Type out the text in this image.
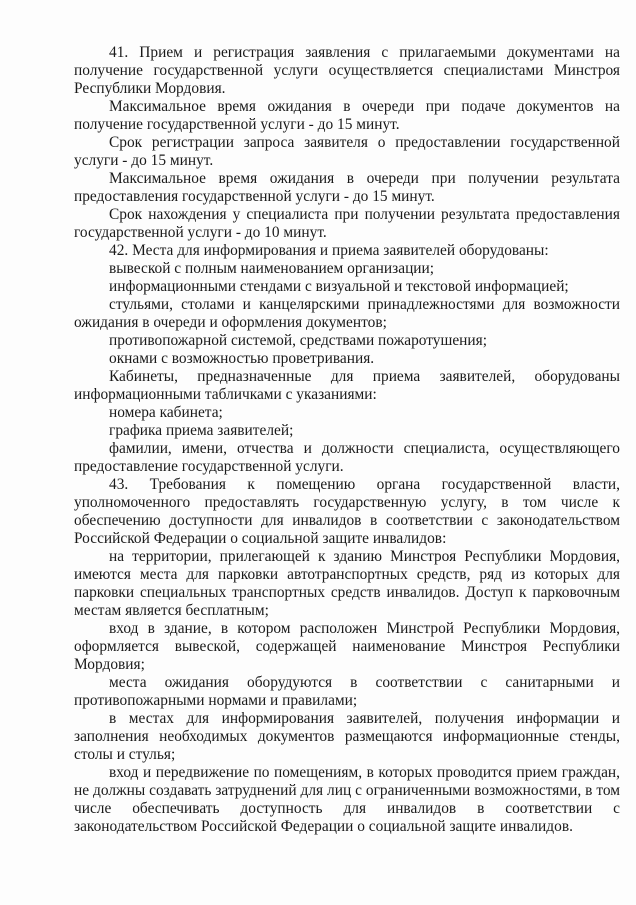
41. Прием и регистрация заявления с прилагаемыми документами на получение государственной услуги осуществляется специалистами Минстроя Республики Мордовия.

Максимальное время ожидания в очереди при подаче документов на получение государственной услуги - до 15 минут.

Срок регистрации запроса заявителя о предоставлении государственной услуги - до 15 минут.

Максимальное время ожидания в очереди при получении результата предоставления государственной услуги - до 15 минут.

Срок нахождения у специалиста при получении результата предоставления государственной услуги - до 10 минут.

42. Места для информирования и приема заявителей оборудованы:

вывеской с полным наименованием организации;

информационными стендами с визуальной и текстовой информацией;

стульями, столами и канцелярскими принадлежностями для возможности ожидания в очереди и оформления документов;

противопожарной системой, средствами пожаротушения;

окнами с возможностью проветривания.

Кабинеты, предназначенные для приема заявителей, оборудованы информационными табличками с указаниями:

номера кабинета;

графика приема заявителей;

фамилии, имени, отчества и должности специалиста, осуществляющего предоставление государственной услуги.

43. Требования к помещению органа государственной власти, уполномоченного предоставлять государственную услугу, в том числе к обеспечению доступности для инвалидов в соответствии с законодательством Российской Федерации о социальной защите инвалидов:

на территории, прилегающей к зданию Минстроя Республики Мордовия, имеются места для парковки автотранспортных средств, ряд из которых для парковки специальных транспортных средств инвалидов. Доступ к парковочным местам является бесплатным;

вход в здание, в котором расположен Минстрой Республики Мордовия, оформляется вывеской, содержащей наименование Минстроя Республики Мордовия;

места ожидания оборудуются в соответствии с санитарными и противопожарными нормами и правилами;

в местах для информирования заявителей, получения информации и заполнения необходимых документов размещаются информационные стенды, столы и стулья;

вход и передвижение по помещениям, в которых проводится прием граждан, не должны создавать затруднений для лиц с ограниченными возможностями, в том числе обеспечивать доступность для инвалидов в соответствии с законодательством Российской Федерации о социальной защите инвалидов.
